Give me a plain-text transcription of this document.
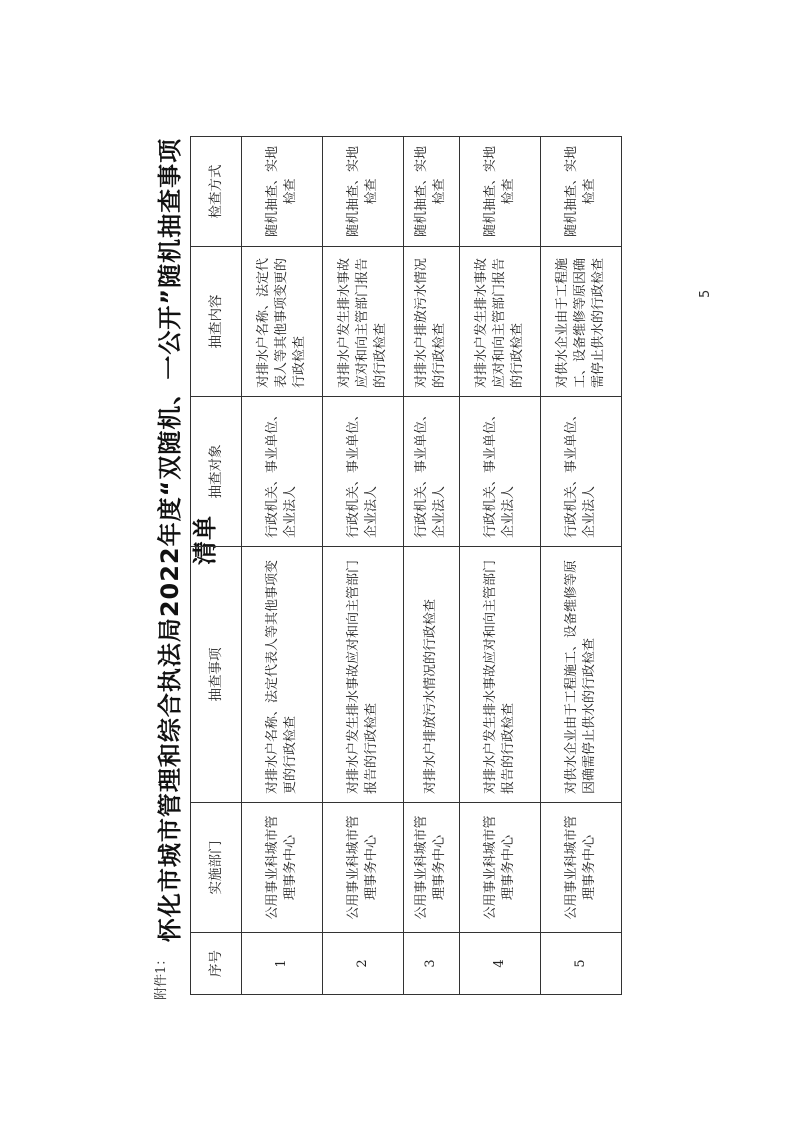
附件1：
怀化市城市管理和综合执法局2022年度“双随机、一公开”随机抽查事项清单
序号	实施部门	抽查事项	抽查对象	抽查内容	检查方式
1	公用事业科城市管理事务中心	对排水户名称、法定代表人等其他事项变更的行政检查	行政机关、事业单位、企业法人	对排水户名称、法定代表人等其他事项变更的行政检查	随机抽查、实地检查
2	公用事业科城市管理事务中心	对排水户发生排水事故应对和向主管部门报告的行政检查	行政机关、事业单位、企业法人	对排水户发生排水事故应对和向主管部门报告的行政检查	随机抽查、实地检查
3	公用事业科城市管理事务中心	对排水户排放污水情况的行政检查	行政机关、事业单位、企业法人	对排水户排放污水情况的行政检查	随机抽查、实地检查
4	公用事业科城市管理事务中心	对排水户发生排水事故应对和向主管部门报告的行政检查	行政机关、事业单位、企业法人	对排水户发生排水事故应对和向主管部门报告的行政检查	随机抽查、实地检查
5	公用事业科城市管理事务中心	对供水企业由于工程施工、设备维修等原因确需停止供水的行政检查	行政机关、事业单位、企业法人	对供水企业由于工程施工、设备维修等原因确需停止供水的行政检查	随机抽查、实地检查
5
